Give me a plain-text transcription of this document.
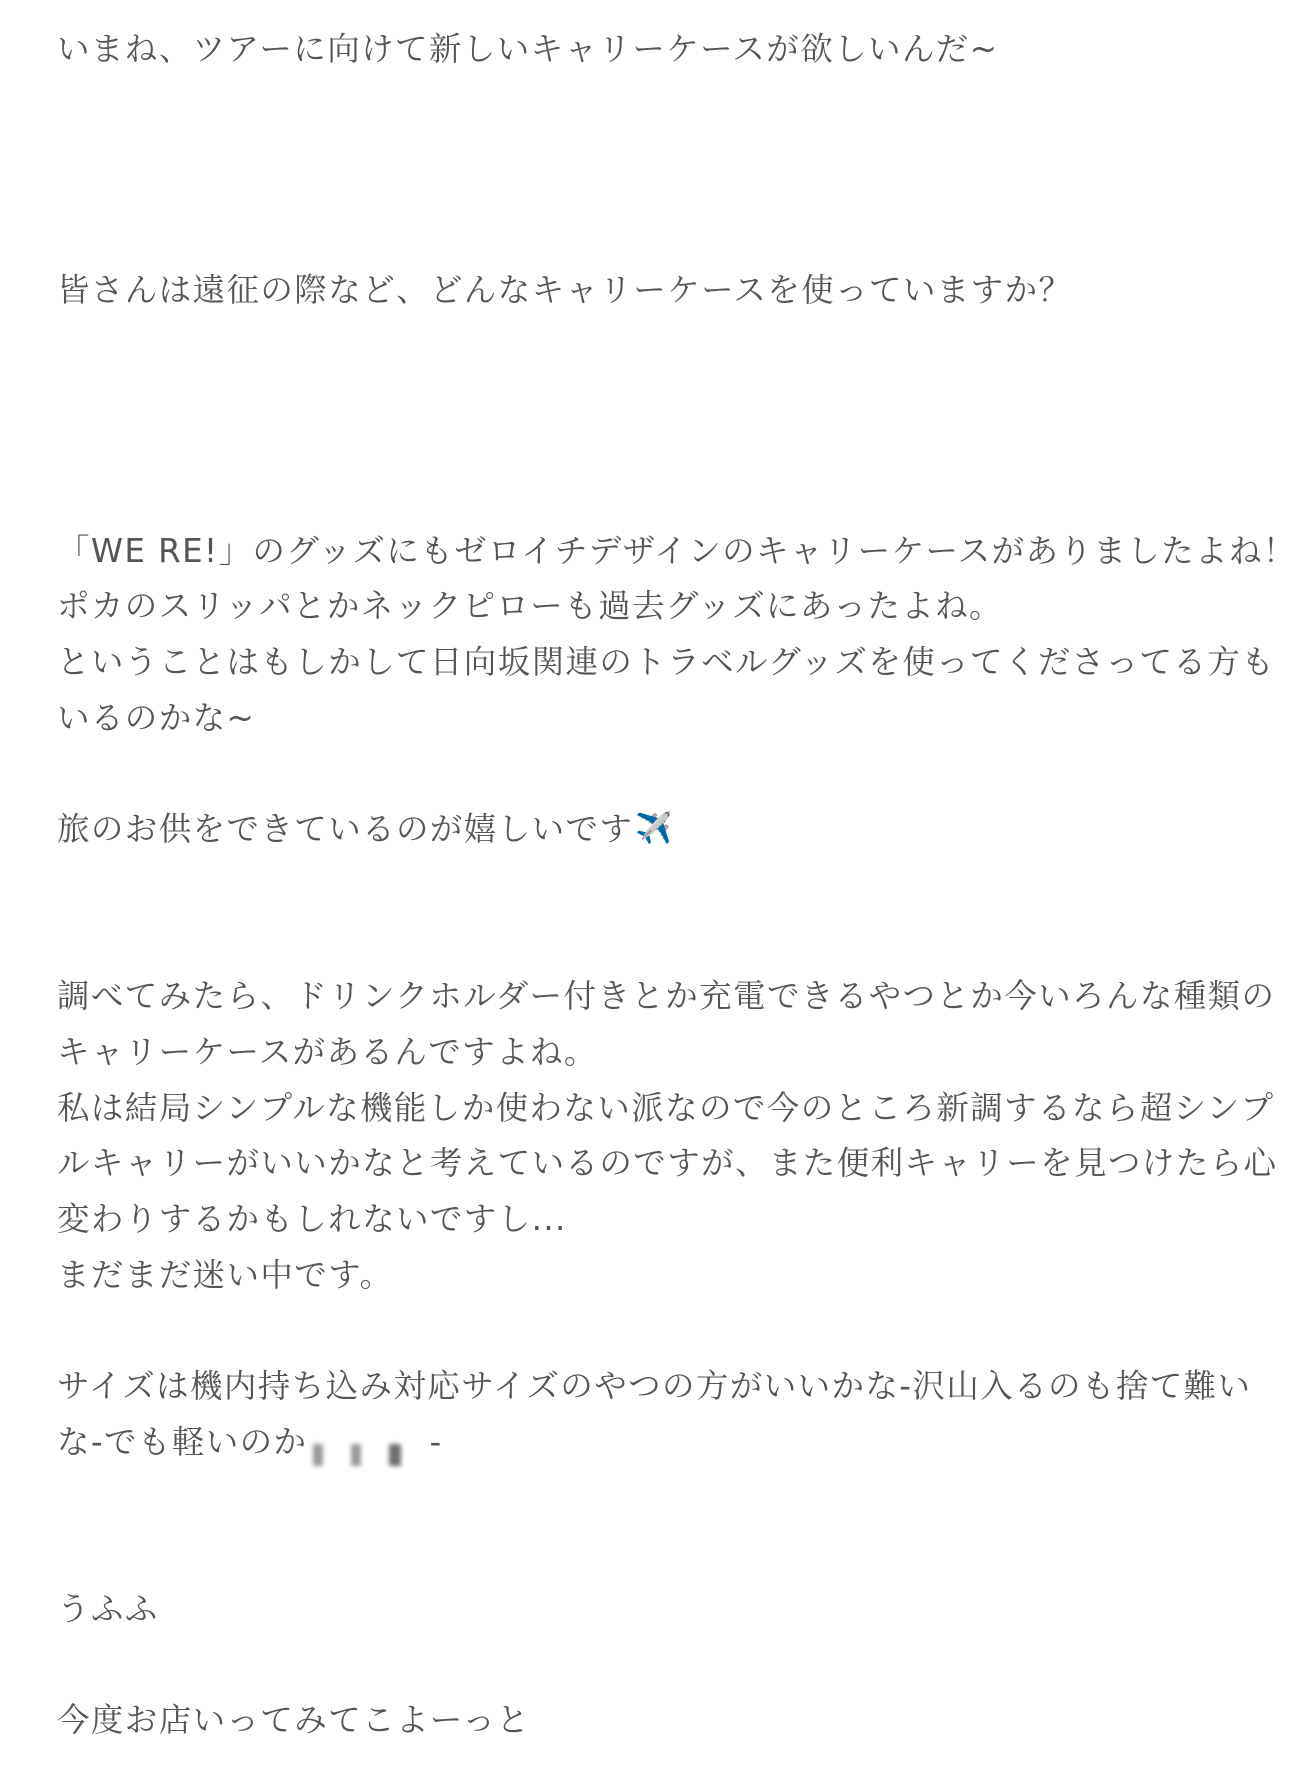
いまね、ツアーに向けて新しいキャリーケースが欲しいんだ~
皆さんは遠征の際など、どんなキャリーケースを使っていますか？
「WE RE!」のグッズにもゼロイチデザインのキャリーケースがありましたよね！
ポカのスリッパとかネックピローも過去グッズにあったよね。
ということはもしかして日向坂関連のトラベルグッズを使ってくださってる方も
いるのかな~
旅のお供をできているのが嬉しいです✈️
調べてみたら、ドリンクホルダー付きとか充電できるやつとか今いろんな種類の
キャリーケースがあるんですよね。
私は結局シンプルな機能しか使わない派なので今のところ新調するなら超シンプ
ルキャリーがいいかなと考えているのですが、また便利キャリーを見つけたら心
変わりするかもしれないですし...
まだまだ迷い中です。
サイズは機内持ち込み対応サイズのやつの方がいいかな-沢山入るのも捨て難い
な-でも軽いのか	-
うふふ
今度お店いってみてこよーっと
